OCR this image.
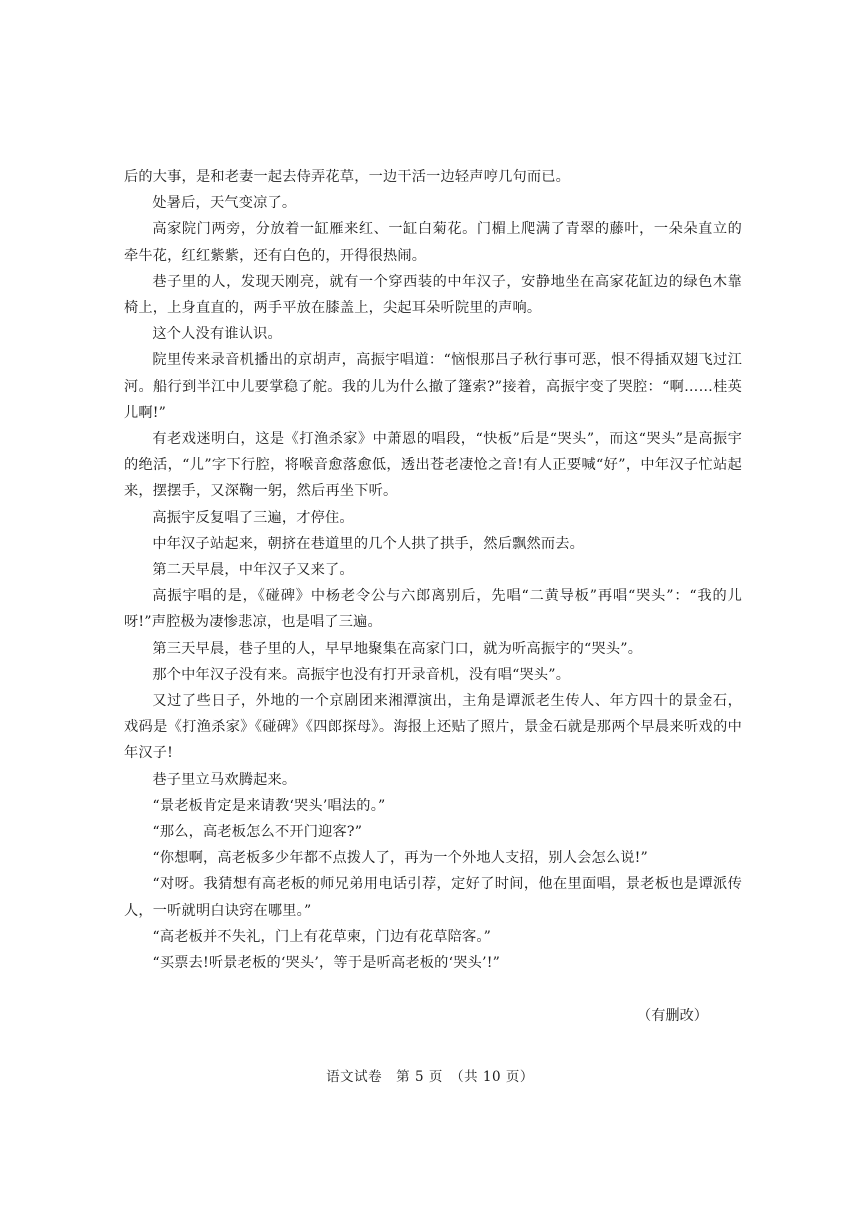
后的大事，是和老妻一起去侍弄花草，一边干活一边轻声哼几句而已。

处暑后，天气变凉了。

高家院门两旁，分放着一缸雁来红、一缸白菊花。门楣上爬满了青翠的藤叶，一朵朵直立的牵牛花，红红紫紫，还有白色的，开得很热闹。

巷子里的人，发现天刚亮，就有一个穿西装的中年汉子，安静地坐在高家花缸边的绿色木靠椅上，上身直直的，两手平放在膝盖上，尖起耳朵听院里的声响。

这个人没有谁认识。

院里传来录音机播出的京胡声，高振宇唱道：“恼恨那吕子秋行事可恶，恨不得插双翅飞过江河。船行到半江中儿要掌稳了舵。我的儿为什么撤了篷索?”接着，高振宇变了哭腔：“啊……桂英儿啊!”

有老戏迷明白，这是《打渔杀家》中萧恩的唱段，“快板”后是“哭头”，而这“哭头”是高振宇的绝活，“儿”字下行腔，将喉音愈落愈低，透出苍老凄怆之音!有人正要喊“好”，中年汉子忙站起来，摆摆手，又深鞠一躬，然后再坐下听。

高振宇反复唱了三遍，才停住。

中年汉子站起来，朝挤在巷道里的几个人拱了拱手，然后飘然而去。

第二天早晨，中年汉子又来了。

高振宇唱的是，《碰碑》中杨老令公与六郎离别后，先唱“二黄导板”再唱“哭头”：“我的儿呀!”声腔极为凄惨悲凉，也是唱了三遍。

第三天早晨，巷子里的人，早早地聚集在高家门口，就为听高振宇的“哭头”。

那个中年汉子没有来。高振宇也没有打开录音机，没有唱“哭头”。

又过了些日子，外地的一个京剧团来湘潭演出，主角是谭派老生传人、年方四十的景金石，戏码是《打渔杀家》《碰碑》《四郎探母》。海报上还贴了照片，景金石就是那两个早晨来听戏的中年汉子!

巷子里立马欢腾起来。

“景老板肯定是来请教‘哭头’唱法的。”

“那么，高老板怎么不开门迎客?”

“你想啊，高老板多少年都不点拨人了，再为一个外地人支招，别人会怎么说!”

“对呀。我猜想有高老板的师兄弟用电话引荐，定好了时间，他在里面唱，景老板也是谭派传人，一听就明白诀窍在哪里。”

“高老板并不失礼，门上有花草柬，门边有花草陪客。”

“买票去!听景老板的‘哭头’，等于是听高老板的‘哭头’!”

（有删改）
语文试卷　第 5 页　（共 10 页）
